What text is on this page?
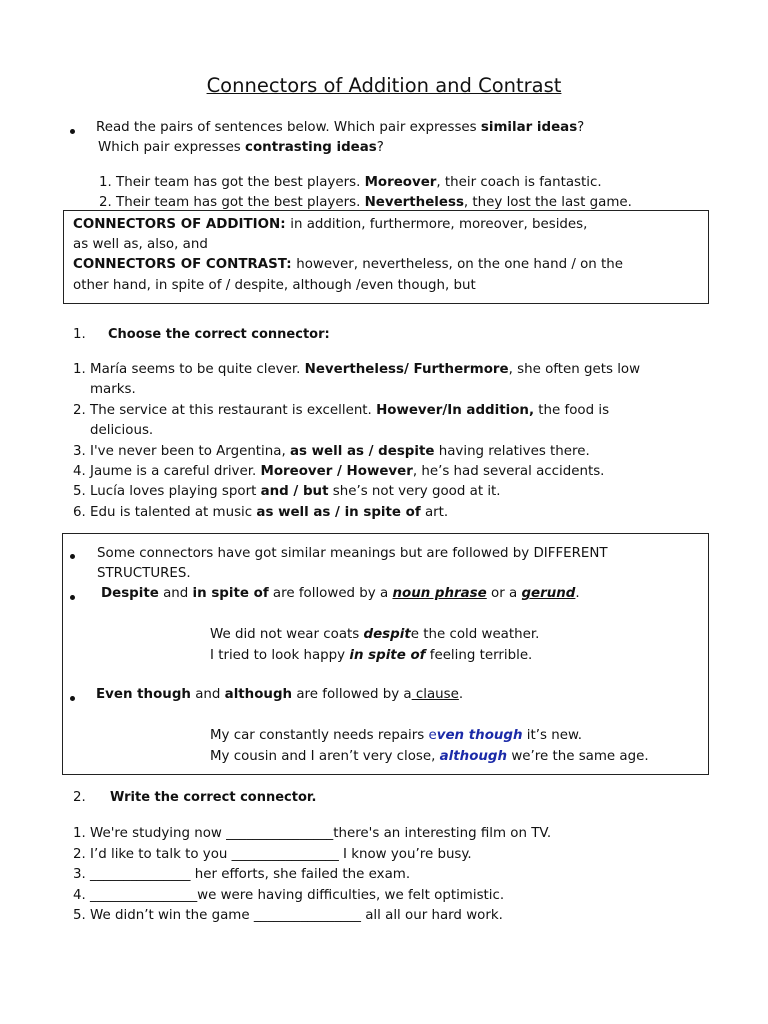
Connectors of Addition and Contrast
Read the pairs of sentences below. Which pair expresses similar ideas?
Which pair expresses contrasting ideas?
1. Their team has got the best players. Moreover, their coach is fantastic.
2. Their team has got the best players. Nevertheless, they lost the last game.
CONNECTORS OF ADDITION: in addition, furthermore, moreover, besides,
as well as, also, and
CONNECTORS OF CONTRAST: however, nevertheless, on the one hand / on the
other hand, in spite of / despite, although /even though, but
1. Choose the correct connector:
1. María seems to be quite clever. Nevertheless/ Furthermore, she often gets low
marks.
2. The service at this restaurant is excellent. However/In addition, the food is
delicious.
3. I've never been to Argentina, as well as / despite having relatives there.
4. Jaume is a careful driver. Moreover / However, he’s had several accidents.
5. Lucía loves playing sport and / but she’s not very good at it.
6. Edu is talented at music as well as / in spite of art.
Some connectors have got similar meanings but are followed by DIFFERENT
STRUCTURES.
Despite and in spite of are followed by a noun phrase or a gerund.
We did not wear coats despite the cold weather.
I tried to look happy in spite of feeling terrible.
Even though and although are followed by a clause.
My car constantly needs repairs even though it’s new.
My cousin and I aren’t very close, although we’re the same age.
2. Write the correct connector.
1. We're studying now ________________there's an interesting film on TV.
2. I’d like to talk to you ________________ I know you’re busy.
3. _______________ her efforts, she failed the exam.
4. ________________we were having difficulties, we felt optimistic.
5. We didn’t win the game ________________ all all our hard work.
